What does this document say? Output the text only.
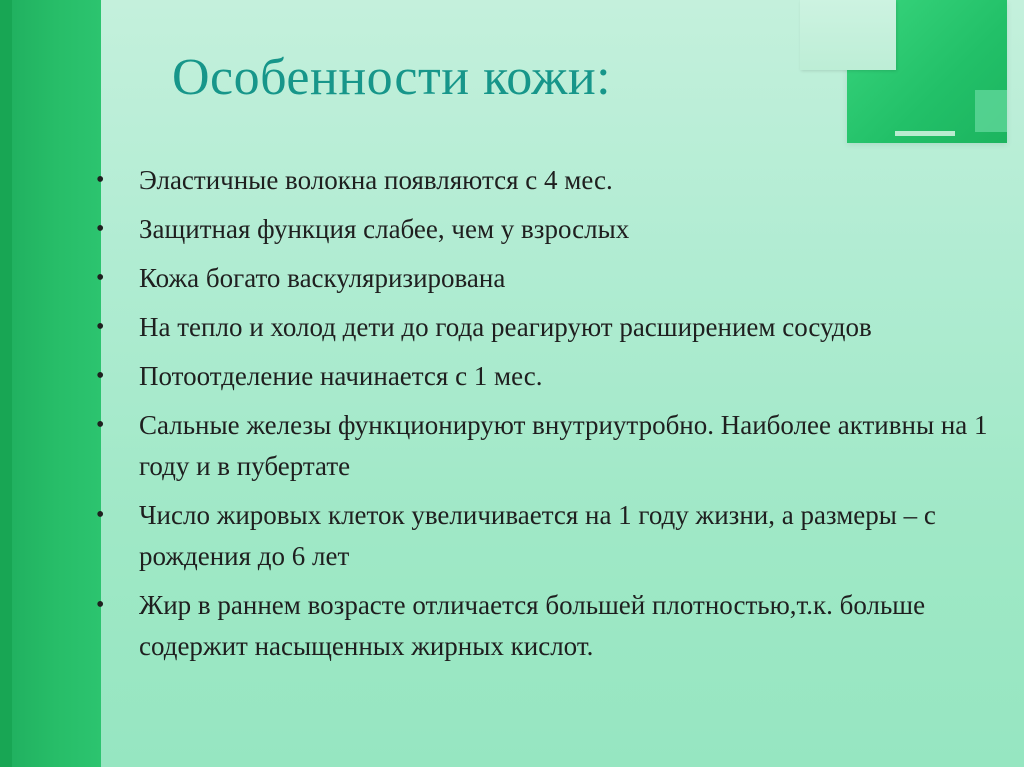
Особенности кожи:
• Эластичные волокна появляются с 4 мес.
• Защитная функция слабее, чем у взрослых
• Кожа богато васкуляризирована
• На тепло и холод дети до года реагируют расширением сосудов
• Потоотделение начинается с 1 мес.
• Сальные железы функционируют внутриутробно. Наиболее активны на 1 году и в пубертате
• Число жировых клеток увеличивается на 1 году жизни, а размеры – с рождения до 6 лет
• Жир в раннем возрасте отличается большей плотностью,т.к. больше содержит насыщенных жирных кислот.
